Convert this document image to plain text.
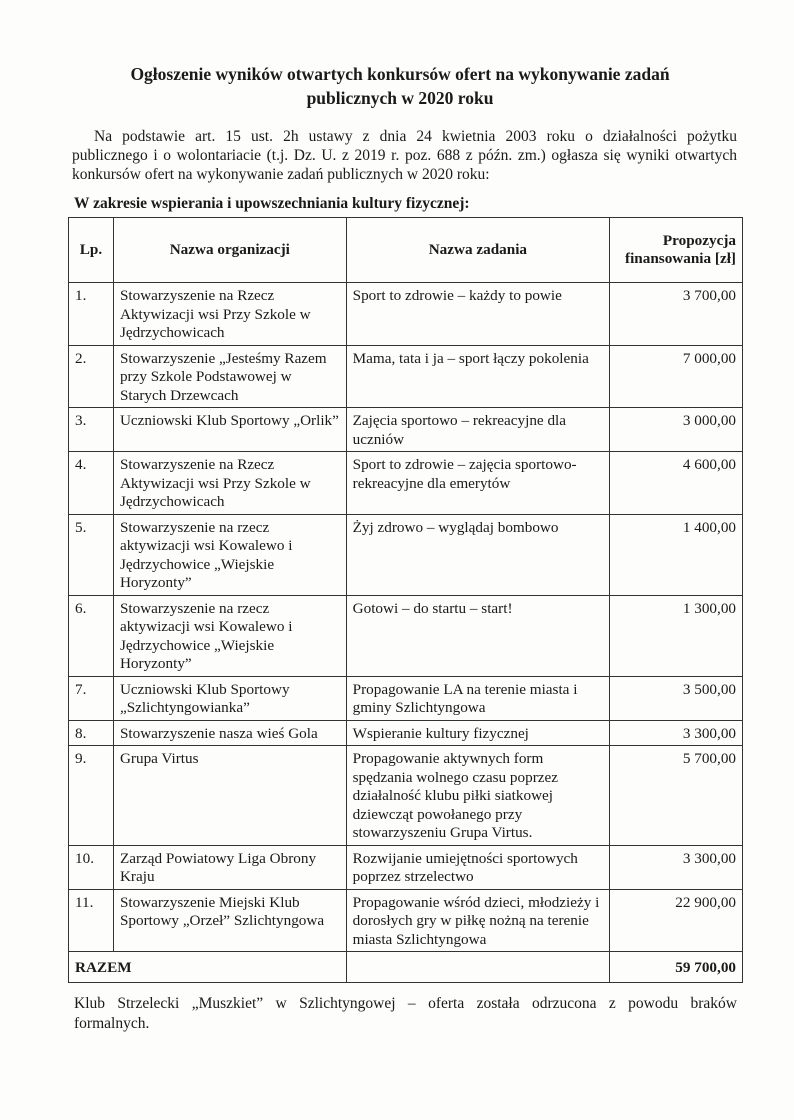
Ogłoszenie wyników otwartych konkursów ofert na wykonywanie zadań
publicznych w 2020 roku
Na podstawie art. 15 ust. 2h ustawy z dnia 24 kwietnia 2003 roku o działalności pożytku
publicznego i o wolontariacie (t.j. Dz. U. z 2019 r. poz. 688 z późn. zm.) ogłasza się wyniki otwartych
konkursów ofert na wykonywanie zadań publicznych w 2020 roku:
W zakresie wspierania i upowszechniania kultury fizycznej:
Lp.	Nazwa organizacji	Nazwa zadania	Propozycja finansowania [zł]
1.	Stowarzyszenie na Rzecz Aktywizacji wsi Przy Szkole w Jędrzychowicach	Sport to zdrowie – każdy to powie	3 700,00
2.	Stowarzyszenie „Jesteśmy Razem przy Szkole Podstawowej w Starych Drzewcach	Mama, tata i ja – sport łączy pokolenia	7 000,00
3.	Uczniowski Klub Sportowy „Orlik”	Zajęcia sportowo – rekreacyjne dla uczniów	3 000,00
4.	Stowarzyszenie na Rzecz Aktywizacji wsi Przy Szkole w Jędrzychowicach	Sport to zdrowie – zajęcia sportowo-rekreacyjne dla emerytów	4 600,00
5.	Stowarzyszenie na rzecz aktywizacji wsi Kowalewo i Jędrzychowice „Wiejskie Horyzonty”	Żyj zdrowo – wyglądaj bombowo	1 400,00
6.	Stowarzyszenie na rzecz aktywizacji wsi Kowalewo i Jędrzychowice „Wiejskie Horyzonty”	Gotowi – do startu – start!	1 300,00
7.	Uczniowski Klub Sportowy „Szlichtyngowianka”	Propagowanie LA na terenie miasta i gminy Szlichtyngowa	3 500,00
8.	Stowarzyszenie nasza wieś Gola	Wspieranie kultury fizycznej	3 300,00
9.	Grupa Virtus	Propagowanie aktywnych form spędzania wolnego czasu poprzez działalność klubu piłki siatkowej dziewcząt powołanego przy stowarzyszeniu Grupa Virtus.	5 700,00
10.	Zarząd Powiatowy Liga Obrony Kraju	Rozwijanie umiejętności sportowych poprzez strzelectwo	3 300,00
11.	Stowarzyszenie Miejski Klub Sportowy „Orzeł” Szlichtyngowa	Propagowanie wśród dzieci, młodzieży i dorosłych gry w piłkę nożną na terenie miasta Szlichtyngowa	22 900,00
RAZEM			59 700,00
Klub Strzelecki „Muszkiet” w Szlichtyngowej – oferta została odrzucona z powodu braków
formalnych.
